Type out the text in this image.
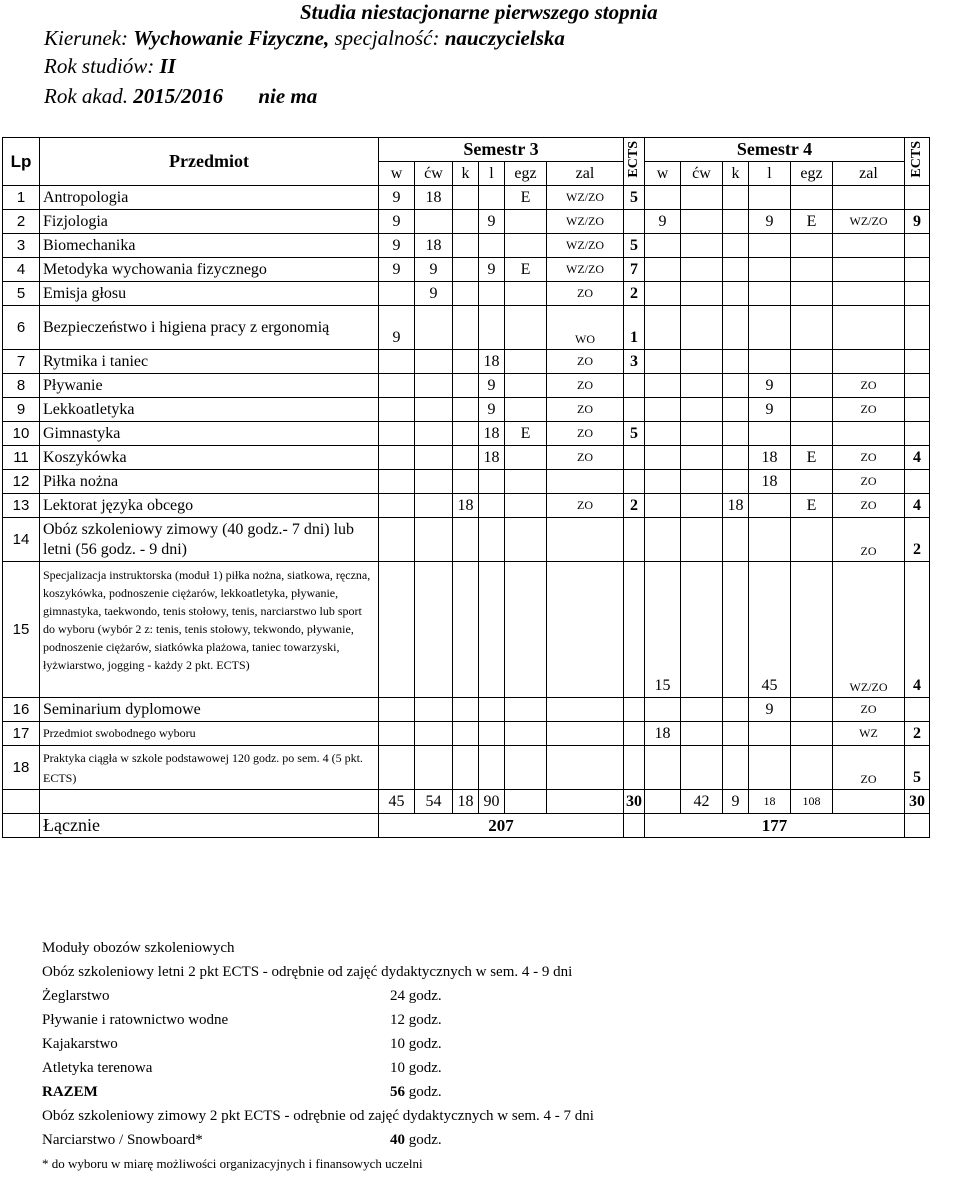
Studia niestacjonarne pierwszego stopnia
Kierunek: Wychowanie Fizyczne, specjalność: nauczycielska
Rok studiów: II
Rok akad. 2015/2016 nie ma
Lp	Przedmiot	Semestr 3						ECTS	Semestr 4						ECTS
		w	ćw	k	l	egz	zal		w	ćw	k	l	egz	zal	
1	Antropologia	9	18			E	WZ/ZO	5							
2	Fizjologia	9			9		WZ/ZO		9			9	E	WZ/ZO	9
3	Biomechanika	9	18				WZ/ZO	5							
4	Metodyka wychowania fizycznego	9	9		9	E	WZ/ZO	7							
5	Emisja głosu		9				ZO	2							
6	Bezpieczeństwo i higiena pracy z ergonomią	9					WO	1							
7	Rytmika i taniec				18		ZO	3							
8	Pływanie				9		ZO					9		ZO	
9	Lekkoatletyka				9		ZO					9		ZO	
10	Gimnastyka				18	E	ZO	5							
11	Koszykówka				18		ZO					18	E	ZO	4
12	Piłka nożna											18		ZO	
13	Lektorat języka obcego			18			ZO	2			18		E	ZO	4
14	Obóz szkoleniowy zimowy (40 godz.- 7 dni) lub letni (56 godz. - 9 dni)													ZO	2
15	Specjalizacja instruktorska (moduł 1) piłka nożna, siatkowa, ręczna, koszykówka, podnoszenie ciężarów, lekkoatletyka, pływanie, gimnastyka, taekwondo, tenis stołowy, tenis, narciarstwo lub sport do wyboru (wybór 2 z: tenis, tenis stołowy, tekwondo, pływanie, podnoszenie ciężarów, siatkówka plażowa, taniec towarzyski, łyżwiarstwo, jogging - każdy 2 pkt. ECTS)								15			45		WZ/ZO	4
16	Seminarium dyplomowe											9		ZO	
17	Przedmiot swobodnego wyboru								18					WZ	2
18	Praktyka ciągła w szkole podstawowej 120 godz. po sem. 4 (5 pkt. ECTS)													ZO	5
		45	54	18	90			30		42	9	18	108		30
	Łącznie	207							177						
Moduły obozów szkoleniowych
Obóz szkoleniowy letni 2 pkt ECTS - odrębnie od zajęć dydaktycznych w sem. 4 - 9 dni
Żeglarstwo	24 godz.
Pływanie i ratownictwo wodne	12 godz.
Kajakarstwo	10 godz.
Atletyka terenowa	10 godz.
RAZEM	56 godz.
Obóz szkoleniowy zimowy 2 pkt ECTS - odrębnie od zajęć dydaktycznych w sem. 4 - 7 dni
Narciarstwo / Snowboard*	40 godz.
* do wyboru w miarę możliwości organizacyjnych i finansowych uczelni
